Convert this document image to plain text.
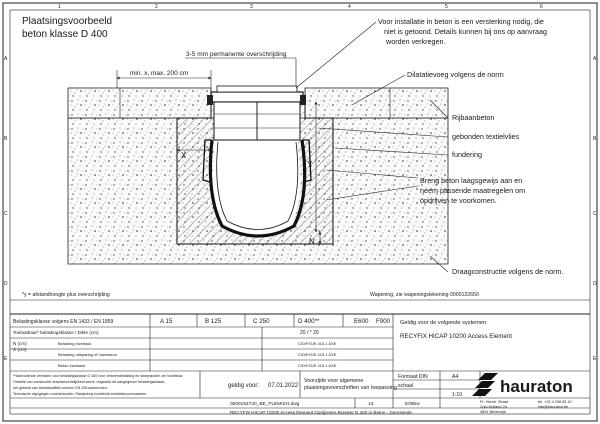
A
B
C
D
E
A
B
C
D
E
1	2	3	4	5	6
Plaatsingsvoorbeeld
beton klasse D 400
3-5 mm permanente overschrijding
min. x, max. 200 cm
X
Y
N
Voor installatie in beton is een versterking nodig, die
niet is getoond. Details kunnen bij ons op aanvraag
worden verkregen.
Dilatatievoeg volgens de norm
Rijbaanbeton
gebonden textielvlies
fundering
Breng beton laagsgewijs aan en
neem passende maatregelen om
opdrijven te voorkomen.
Draagconstructie volgens de norm.
*y = afstandhoogte plus overschrijding	Wapening, zie wapeningstekening 0000122650
Belastingsklasse volgens EN 1433 / EN 1859	A 15	B 125	C 250	D 400**	E600 F900
Toelaatbaar* belastingsklasse / Dikte (cm)	20 / * 20
N (cm)
X (cm)
Belasting inzetstuk	C/D/F/G/E 415.1 AXE
Belasting uitsparing of hoeksteun	C/D/F/G/E 415.1 AXE
Beton inzetstuk	C/D/F/G/E 415.1 AXE
**Aanvullende vereisten voor belastingsklasse D 400 voor verkeersbelasting en stoepranden zie hoofdstuk
Omwille van constructie verantwoordelijkheid wordt, ongeacht de aangegeven belastingsklasse,
het gebruik van betonkwaliteit conform EN 206 aanbevolen.
Technische wijzigingen voorbehouden. Raadpleeg hoofdstuk installatievoorwaarden.
geldig voor: 07.01.2022
Voorzijde voor algemene
plaatsingsvoorschriften van toepassing
Formaat DIN	A4
schaal
1:10
0000154720_BE_FLEMISH.dwg	13	E08bw
RECYFIX HICAP 10200 Access Element Gietijzeren Rooster D 400 in Beton - Doorsnede
Geldig voor de volgende systemen:
RECYFIX HICAP 10200 Access Element
hauraton
Pr. Hendr. Straat
Zuid-Holland 24
4891 Beverwijk
tel. +32 4 296 95 10
info@hauraton.be
